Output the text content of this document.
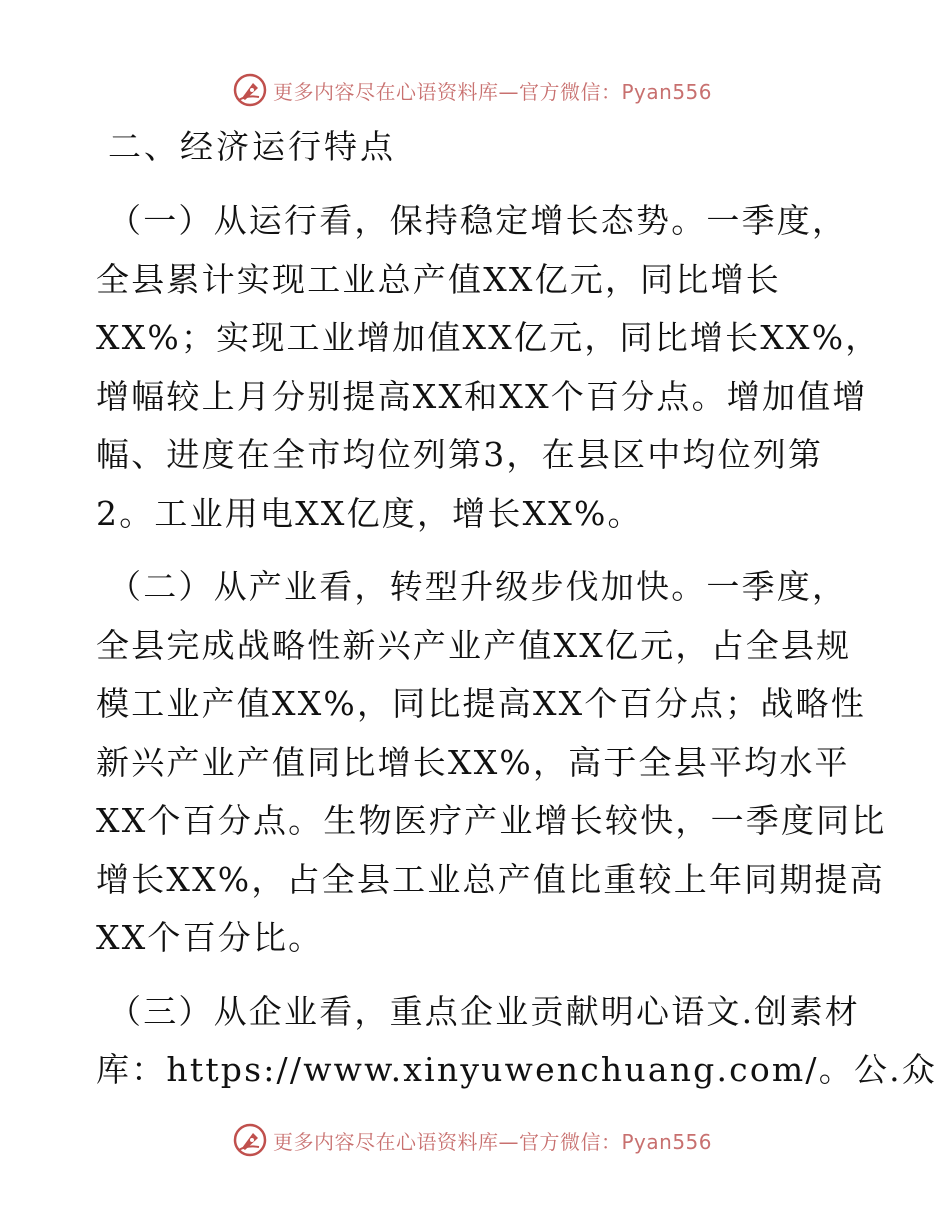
更多内容尽在心语资料库—官方微信：Pyan556
二、经济运行特点

（一）从运行看，保持稳定增长态势。一季度，
全县累计实现工业总产值XX亿元，同比增长
XX%；实现工业增加值XX亿元，同比增长XX%，
增幅较上月分别提高XX和XX个百分点。增加值增
幅、进度在全市均位列第3，在县区中均位列第
2。工业用电XX亿度，增长XX%。

（二）从产业看，转型升级步伐加快。一季度，
全县完成战略性新兴产业产值XX亿元，占全县规
模工业产值XX%，同比提高XX个百分点；战略性
新兴产业产值同比增长XX%，高于全县平均水平
XX个百分点。生物医疗产业增长较快，一季度同比
增长XX%，占全县工业总产值比重较上年同期提高
XX个百分比。

（三）从企业看，重点企业贡献明心语文.创素材
库：https://www.xinyuwenchuang.com/。公.众

更多内容尽在心语资料库—官方微信：Pyan556
